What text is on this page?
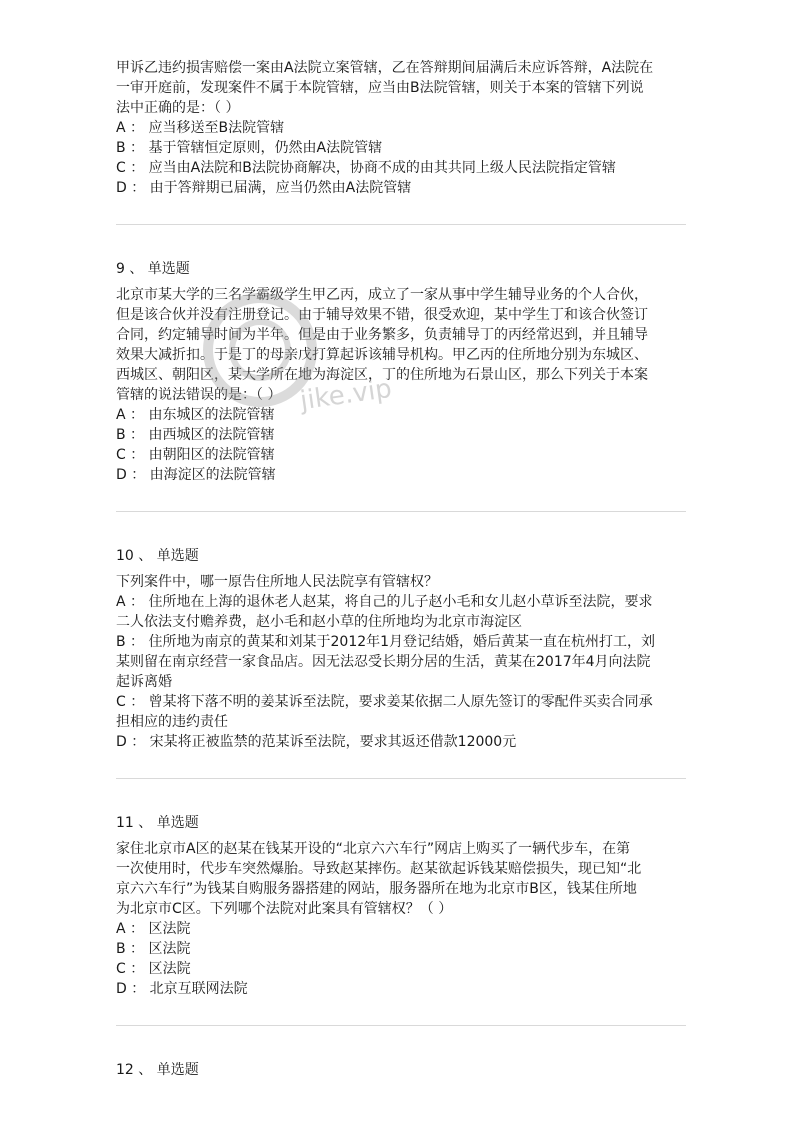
甲诉乙违约损害赔偿一案由A法院立案管辖，乙在答辩期间届满后未应诉答辩，A法院在

一审开庭前，发现案件不属于本院管辖，应当由B法院管辖，则关于本案的管辖下列说

法中正确的是：（ ）

A ： 应当移送至B法院管辖

B ： 基于管辖恒定原则，仍然由A法院管辖

C ： 应当由A法院和B法院协商解决，协商不成的由其共同上级人民法院指定管辖

D ： 由于答辩期已届满，应当仍然由A法院管辖

9 、 单选题

北京市某大学的三名学霸级学生甲乙丙，成立了一家从事中学生辅导业务的个人合伙，

但是该合伙并没有注册登记。由于辅导效果不错，很受欢迎，某中学生丁和该合伙签订

合同，约定辅导时间为半年。但是由于业务繁多，负责辅导丁的丙经常迟到，并且辅导

效果大减折扣。于是丁的母亲戊打算起诉该辅导机构。甲乙丙的住所地分别为东城区、

西城区、朝阳区，某大学所在地为海淀区，丁的住所地为石景山区，那么下列关于本案

管辖的说法错误的是：（ ）

A ： 由东城区的法院管辖

B ： 由西城区的法院管辖

C ： 由朝阳区的法院管辖

D ： 由海淀区的法院管辖

10 、 单选题

下列案件中，哪一原告住所地人民法院享有管辖权？

A ： 住所地在上海的退休老人赵某，将自己的儿子赵小毛和女儿赵小草诉至法院，要求

二人依法支付赡养费，赵小毛和赵小草的住所地均为北京市海淀区

B ： 住所地为南京的黄某和刘某于2012年1月登记结婚，婚后黄某一直在杭州打工，刘

某则留在南京经营一家食品店。因无法忍受长期分居的生活，黄某在2017年4月向法院

起诉离婚

C ： 曾某将下落不明的姜某诉至法院，要求姜某依据二人原先签订的零配件买卖合同承

担相应的违约责任

D ： 宋某将正被监禁的范某诉至法院，要求其返还借款12000元

11 、 单选题

家住北京市A区的赵某在钱某开设的“北京六六车行”网店上购买了一辆代步车，在第

一次使用时，代步车突然爆胎。导致赵某摔伤。赵某欲起诉钱某赔偿损失，现已知“北

京六六车行”为钱某自购服务器搭建的网站，服务器所在地为北京市B区，钱某住所地

为北京市C区。下列哪个法院对此案具有管辖权？（ ）

A ： 区法院

B ： 区法院

C ： 区法院

D ： 北京互联网法院

12 、 单选题

jike.vip
